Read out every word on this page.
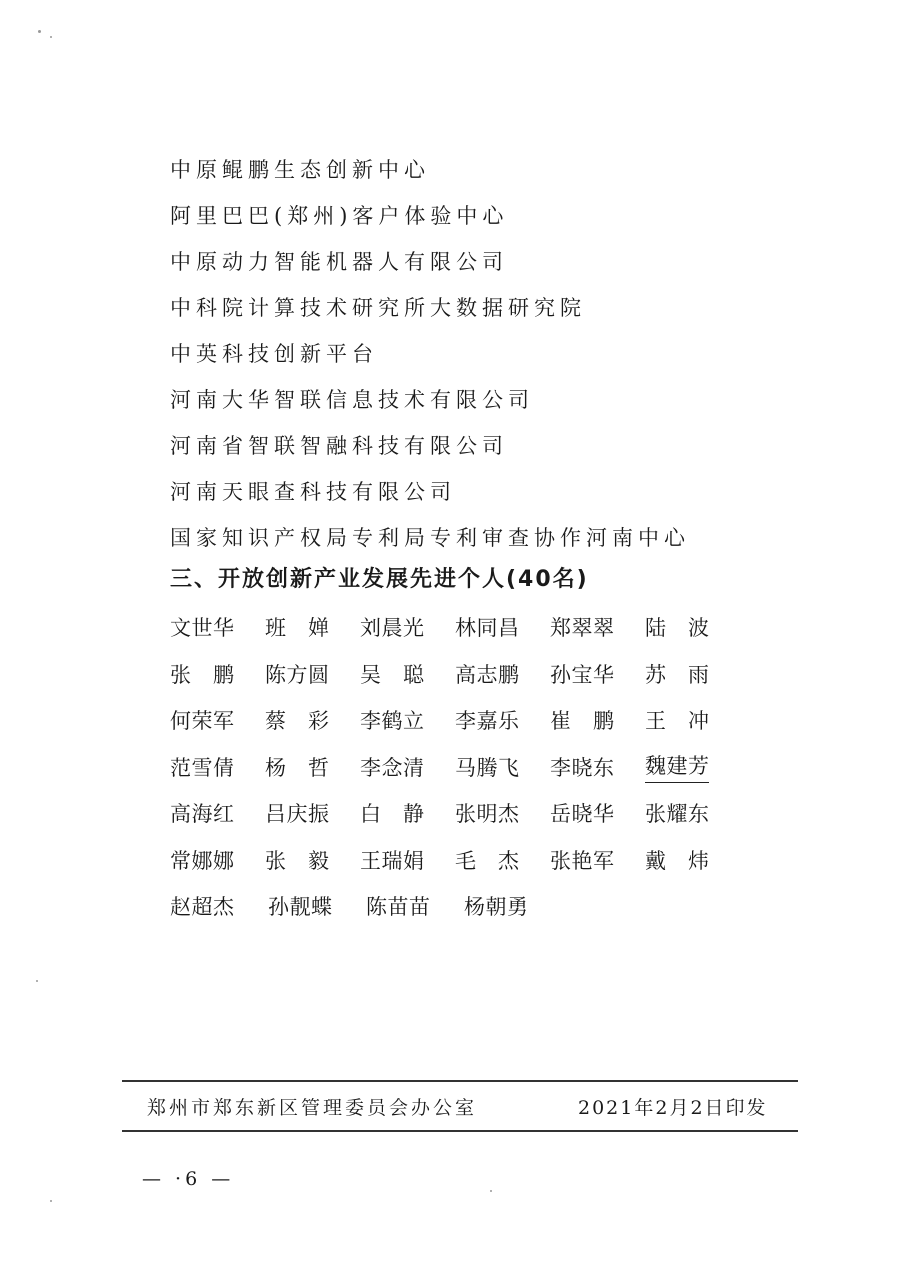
中原鲲鹏生态创新中心
阿里巴巴(郑州)客户体验中心
中原动力智能机器人有限公司
中科院计算技术研究所大数据研究院
中英科技创新平台
河南大华智联信息技术有限公司
河南省智联智融科技有限公司
河南天眼查科技有限公司
国家知识产权局专利局专利审查协作河南中心
三、开放创新产业发展先进个人(40名)
文 世 华 班 婵 刘 晨 光 林 同 昌 郑 翠 翠 陆 波
张 鹏 陈 方 圆 吴 聪 高 志 鹏 孙 宝 华 苏 雨
何 荣 军 蔡 彩 李 鹤 立 李 嘉 乐 崔 鹏 王 冲
范 雪 倩 杨 哲 李 念 清 马 腾 飞 李 晓 东 魏 建 芳
高 海 红 吕 庆 振 白 静 张 明 杰 岳 晓 华 张 耀 东
常 娜 娜 张 毅 王 瑞 娟 毛 杰 张 艳 军 戴 炜
赵 超 杰 孙 靓 蝶 陈 苗 苗 杨 朝 勇
郑州市郑东新区管理委员会办公室	2021年2月2日印发
— ·6 —
